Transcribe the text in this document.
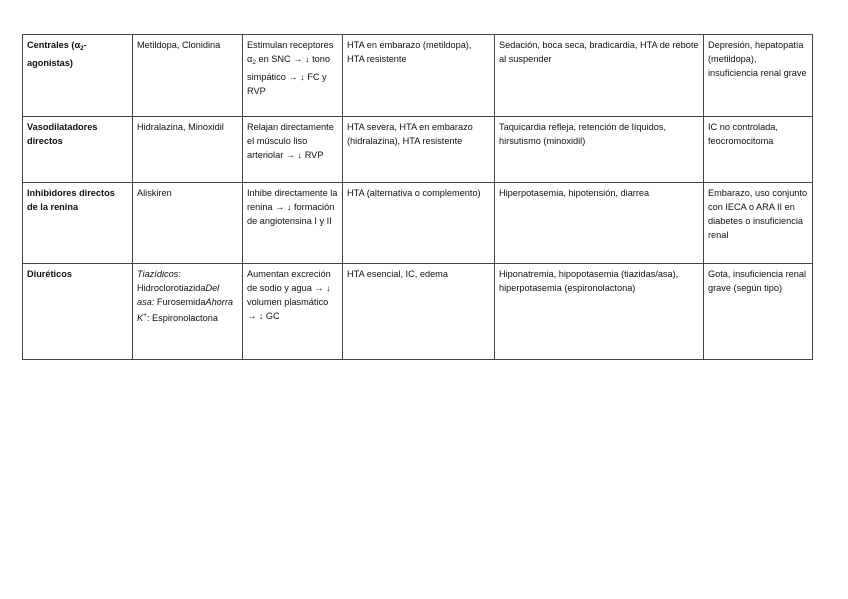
Centrales $(\alpha_2-agonistas)$	Metildopa, Clonidina	Estimulan receptores $\alpha_2$ en SNC → ↓ tono simpático → ↓ FC y RVP	HTA en embarazo (metildopa), HTA resistente	Sedación, boca seca, bradicardia, HTA de rebote al suspender	Depresión, hepatopatía (metildopa), insuficiencia renal grave
Vasodilatadores directos	Hidralazina, Minoxidil	Relajan directamente el músculo liso arteriolar → ↓ RVP	HTA severa, HTA en embarazo (hidralazina), HTA resistente	Taquicardia refleja, retención de líquidos, hirsutismo (minoxidil)	IC no controlada, feocromocitoma
Inhibidores directos de la renina	Aliskiren	Inhibe directamente la renina → ↓ formación de angiotensina I y II	HTA (alternativa o complemento)	Hiperpotasemia, hipotensión, diarrea	Embarazo, uso conjunto con IECA o ARA II en diabetes o insuficiencia renal
Diuréticos	Tiazídicos: HidroclorotiazidaDel asa: FurosemidaAhorra K+: Espironolactona	Aumentan excreción de sodio y agua → ↓ volumen plasmático → ↓ GC	HTA esencial, IC, edema	Hiponatremia, hipopotasemia (tiazidas/asa), hiperpotasemia (espironolactona)	Gota, insuficiencia renal grave (según tipo)
